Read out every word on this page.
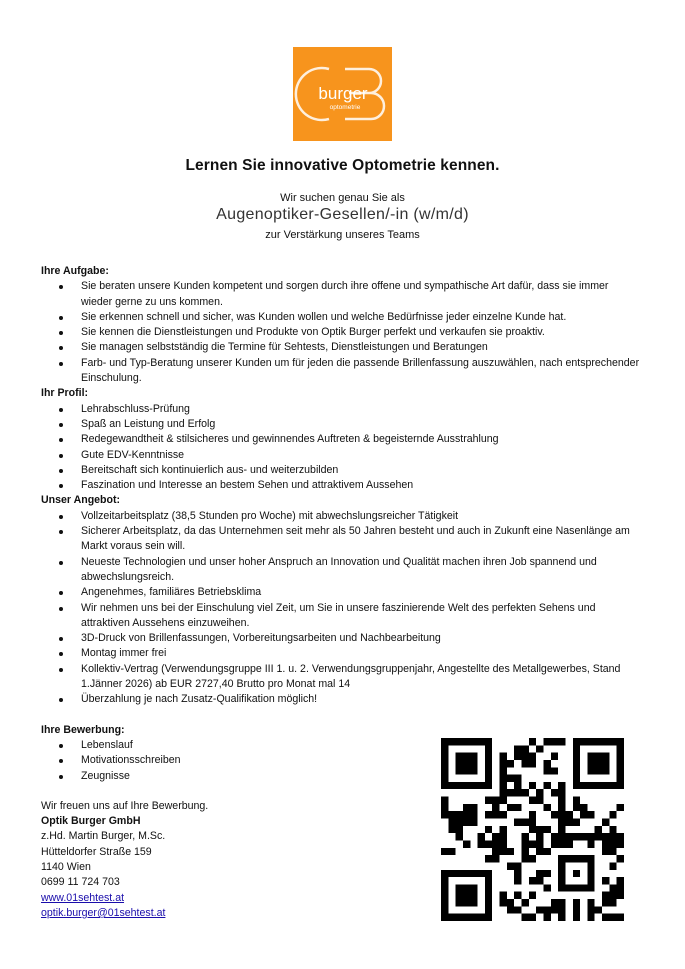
burger
optometrie
Lernen Sie innovative Optometrie kennen.
Wir suchen genau Sie als
Augenoptiker-Gesellen/-in (w/m/d)
zur Verstärkung unseres Teams
Ihre Aufgabe:
Sie beraten unsere Kunden kompetent und sorgen durch ihre offene und sympathische Art dafür, dass sie immer wieder gerne zu uns kommen.
Sie erkennen schnell und sicher, was Kunden wollen und welche Bedürfnisse jeder einzelne Kunde hat.
Sie kennen die Dienstleistungen und Produkte von Optik Burger perfekt und verkaufen sie proaktiv.
Sie managen selbstständig die Termine für Sehtests, Dienstleistungen und Beratungen
Farb- und Typ-Beratung unserer Kunden um für jeden die passende Brillenfassung auszuwählen, nach entsprechender Einschulung.
Ihr Profil:
Lehrabschluss-Prüfung
Spaß an Leistung und Erfolg
Redegewandtheit & stilsicheres und gewinnendes Auftreten & begeisternde Ausstrahlung
Gute EDV-Kenntnisse
Bereitschaft sich kontinuierlich aus- und weiterzubilden
Faszination und Interesse an bestem Sehen und attraktivem Aussehen
Unser Angebot:
Vollzeitarbeitsplatz (38,5 Stunden pro Woche) mit abwechslungsreicher Tätigkeit
Sicherer Arbeitsplatz, da das Unternehmen seit mehr als 50 Jahren besteht und auch in Zukunft eine Nasenlänge am Markt voraus sein will.
Neueste Technologien und unser hoher Anspruch an Innovation und Qualität machen ihren Job spannend und abwechslungsreich.
Angenehmes, familiäres Betriebsklima
Wir nehmen uns bei der Einschulung viel Zeit, um Sie in unsere faszinierende Welt des perfekten Sehens und attraktiven Aussehens einzuweihen.
3D-Druck von Brillenfassungen, Vorbereitungsarbeiten und Nachbearbeitung
Montag immer frei
Kollektiv-Vertrag (Verwendungsgruppe III 1. u. 2. Verwendungsgruppenjahr, Angestellte des Metallgewerbes, Stand 1.Jänner 2026) ab EUR 2727,40 Brutto pro Monat mal 14
Überzahlung je nach Zusatz-Qualifikation möglich!
Ihre Bewerbung:
Lebenslauf
Motivationsschreiben
Zeugnisse
Wir freuen uns auf Ihre Bewerbung.
Optik Burger GmbH
z.Hd. Martin Burger, M.Sc.
Hütteldorfer Straße 159
1140 Wien
0699 11 724 703
www.01sehtest.at
optik.burger@01sehtest.at
